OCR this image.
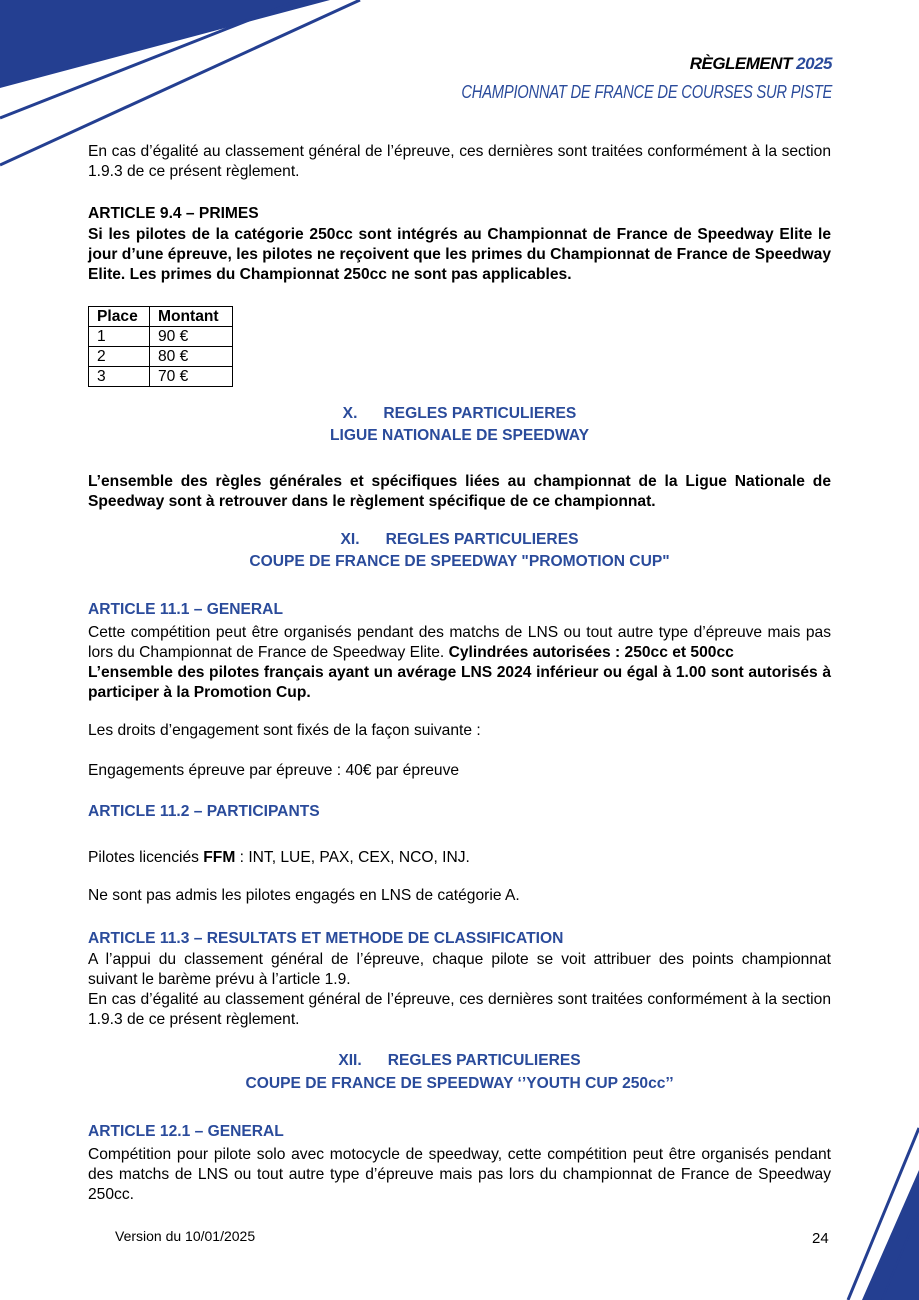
RÈGLEMENT 2025
CHAMPIONNAT DE FRANCE DE COURSES SUR PISTE

En cas d’égalité au classement général de l’épreuve, ces dernières sont traitées conformément à la section 1.9.3 de ce présent règlement.

ARTICLE 9.4 – PRIMES

Si les pilotes de la catégorie 250cc sont intégrés au Championnat de France de Speedway Elite le jour d’une épreuve, les pilotes ne reçoivent que les primes du Championnat de France de Speedway Elite. Les primes du Championnat 250cc ne sont pas applicables.

Place	Montant
1	90 €
2	80 €
3	70 €

X. REGLES PARTICULIERES

LIGUE NATIONALE DE SPEEDWAY

L’ensemble des règles générales et spécifiques liées au championnat de la Ligue Nationale de Speedway sont à retrouver dans le règlement spécifique de ce championnat.

XI. REGLES PARTICULIERES

COUPE DE FRANCE DE SPEEDWAY "PROMOTION CUP"

ARTICLE 11.1 – GENERAL

Cette compétition peut être organisés pendant des matchs de LNS ou tout autre type d’épreuve mais pas lors du Championnat de France de Speedway Elite. Cylindrées autorisées : 250cc et 500cc

L’ensemble des pilotes français ayant un avérage LNS 2024 inférieur ou égal à 1.00 sont autorisés à participer à la Promotion Cup.

Les droits d’engagement sont fixés de la façon suivante :

Engagements épreuve par épreuve : 40€ par épreuve

ARTICLE 11.2 – PARTICIPANTS

Pilotes licenciés FFM : INT, LUE, PAX, CEX, NCO, INJ.

Ne sont pas admis les pilotes engagés en LNS de catégorie A.

ARTICLE 11.3 – RESULTATS ET METHODE DE CLASSIFICATION

A l’appui du classement général de l’épreuve, chaque pilote se voit attribuer des points championnat suivant le barème prévu à l’article 1.9.

En cas d’égalité au classement général de l’épreuve, ces dernières sont traitées conformément à la section 1.9.3 de ce présent règlement.

XII. REGLES PARTICULIERES

COUPE DE FRANCE DE SPEEDWAY ‘’YOUTH CUP 250cc’’

ARTICLE 12.1 – GENERAL

Compétition pour pilote solo avec motocycle de speedway, cette compétition peut être organisés pendant des matchs de LNS ou tout autre type d’épreuve mais pas lors du championnat de France de Speedway 250cc.

Version du 10/01/2025	24
